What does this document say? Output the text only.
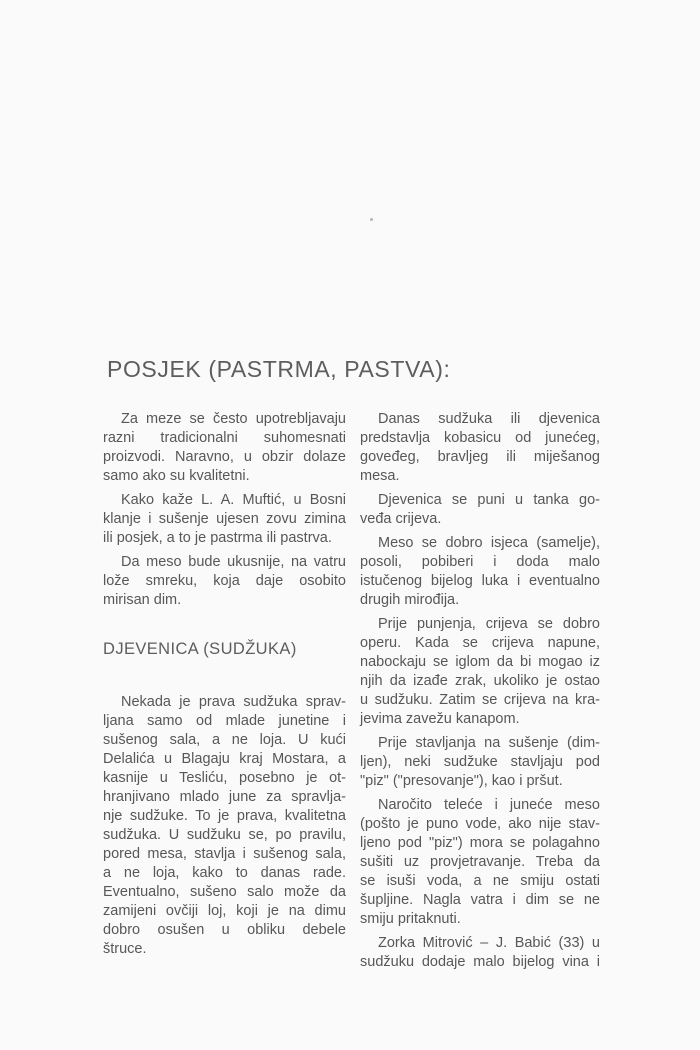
POSJEK (PASTRMA, PASTVA):
Za meze se često upotrebljavaju
razni tradicionalni suhomesnati
proizvodi. Naravno, u obzir dolaze
samo ako su kvalitetni.
Kako kaže L. A. Muftić, u Bosni
klanje i sušenje ujesen zovu zimina
ili posjek, a to je pastrma ili pastrva.
Da meso bude ukusnije, na vatru
lože smreku, koja daje osobito
mirisan dim.
DJEVENICA (SUDŽUKA)
Nekada je prava sudžuka sprav-
ljana samo od mlade junetine i
sušenog sala, a ne loja. U kući
Delalića u Blagaju kraj Mostara, a
kasnije u Tesliću, posebno je ot-
hranjivano mlado june za spravlja-
nje sudžuke. To je prava, kvalitetna
sudžuka. U sudžuku se, po pravilu,
pored mesa, stavlja i sušenog sala,
a ne loja, kako to danas rade.
Eventualno, sušeno salo može da
zamijeni ovčiji loj, koji je na dimu
dobro osušen u obliku debele
štruce.
Danas sudžuka ili djevenica
predstavlja kobasicu od junećeg,
goveđeg, bravljeg ili miješanog
mesa.
Djevenica se puni u tanka go-
veđa crijeva.
Meso se dobro isjeca (samelje),
posoli, pobiberi i doda malo
istučenog bijelog luka i eventualno
drugih mirođija.
Prije punjenja, crijeva se dobro
operu. Kada se crijeva napune,
nabockaju se iglom da bi mogao iz
njih da izađe zrak, ukoliko je ostao
u sudžuku. Zatim se crijeva na kra-
jevima zavežu kanapom.
Prije stavljanja na sušenje (dim-
ljen), neki sudžuke stavljaju pod
"piz" ("presovanje"), kao i pršut.
Naročito teleće i juneće meso
(pošto je puno vode, ako nije stav-
ljeno pod "piz") mora se polagahno
sušiti uz provjetravanje. Treba da
se isuši voda, a ne smiju ostati
šupljine. Nagla vatra i dim se ne
smiju pritaknuti.
Zorka Mitrović – J. Babić (33) u
sudžuku dodaje malo bijelog vina i
